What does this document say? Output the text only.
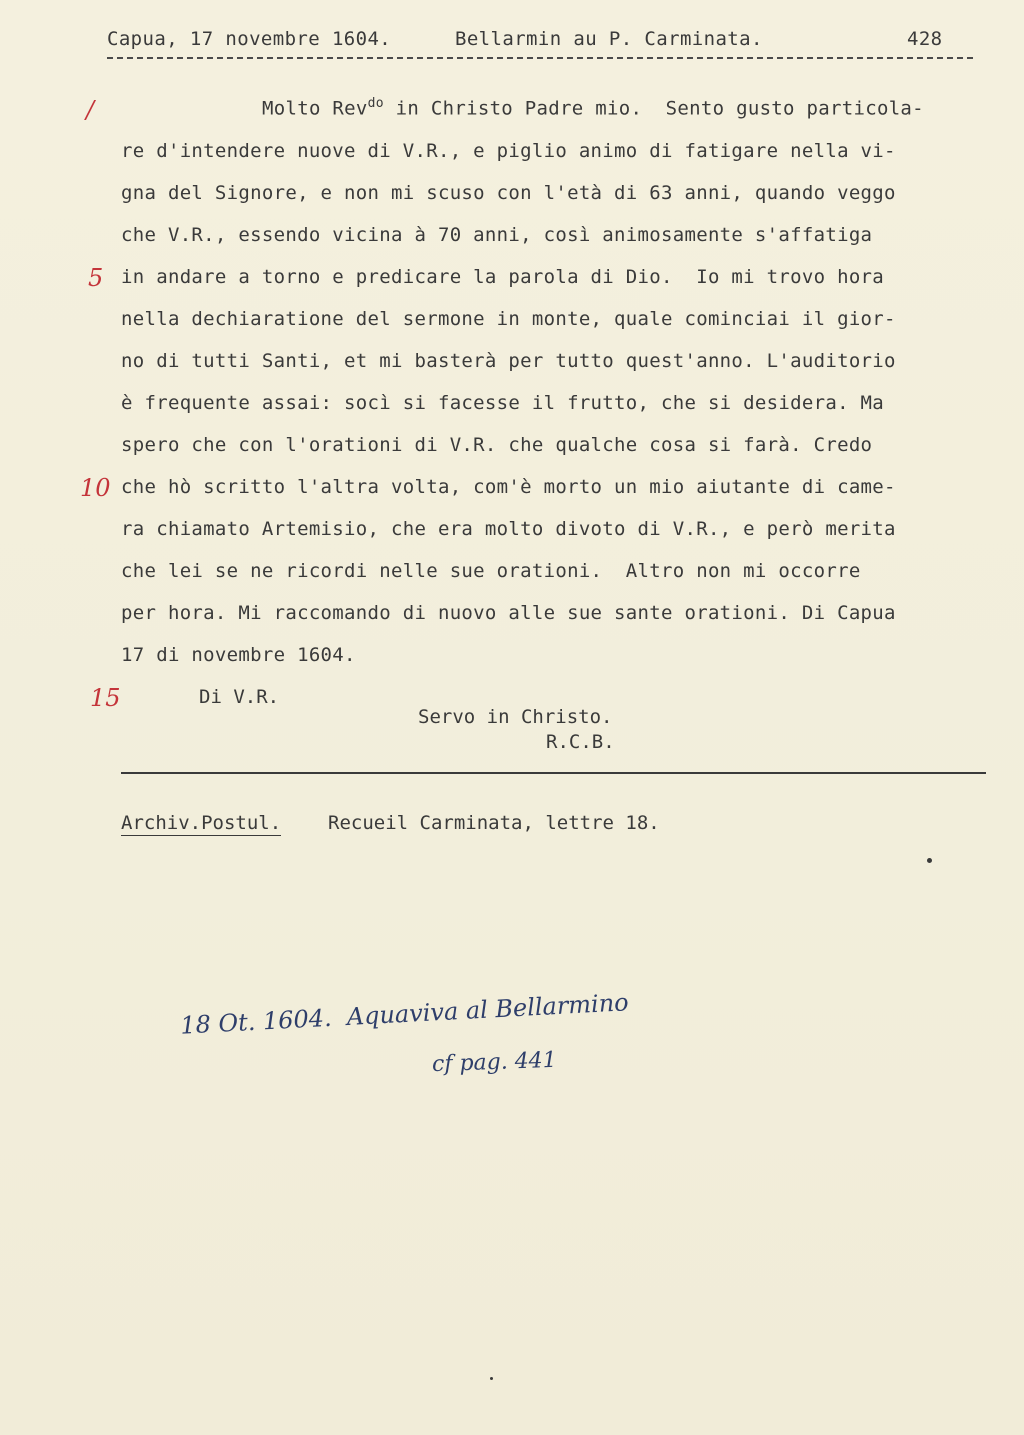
Capua, 17 novembre 1604.	Bellarmin au P. Carminata.	428
/
5
10
15
Molto Rev$^{do}$ in Christo Padre mio.  Sento gusto particola-
re d'intendere nuove di V.R., e piglio animo di fatigare nella vi-
gna del Signore, e non mi scuso con l'età di 63 anni, quando veggo
che V.R., essendo vicina à 70 anni, così animosamente s'affatiga
in andare a torno e predicare la parola di Dio.  Io mi trovo hora
nella dechiaratione del sermone in monte, quale cominciai il gior-
no di tutti Santi, et mi basterà per tutto quest'anno. L'auditorio
è frequente assai: socì si facesse il frutto, che si desidera. Ma
spero che con l'orationi di V.R. che qualche cosa si farà. Credo
che hò scritto l'altra volta, com'è morto un mio aiutante di came-
ra chiamato Artemisio, che era molto divoto di V.R., e però merita
che lei se ne ricordi nelle sue orationi.  Altro non mi occorre
per hora. Mi raccomando di nuovo alle sue sante orationi. Di Capua
17 di novembre 1604.
Di V.R.
Servo in Christo.
R.C.B.
Archiv.Postul. Recueil Carminata, lettre 18.
18 Ot. 1604.  Aquaviva al Bellarmino
cf pag. 441
